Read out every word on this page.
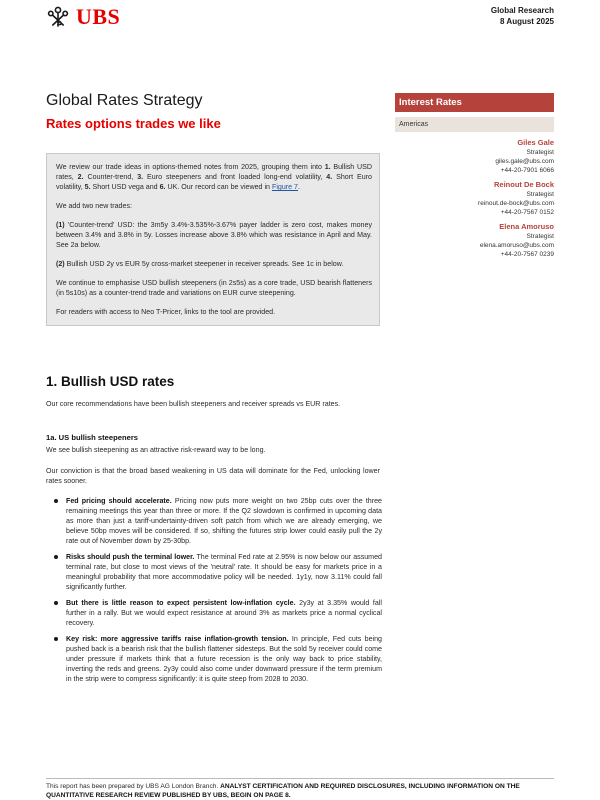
UBS	Global Research
8 August 2025
Global Rates Strategy
Rates options trades we like
Interest Rates
Americas
Giles Gale
Strategist
giles.gale@ubs.com
+44-20-7901 6066
Reinout De Bock
Strategist
reinout.de-bock@ubs.com
+44-20-7567 0152
Elena Amoruso
Strategist
elena.amoruso@ubs.com
+44-20-7567 0239

We review our trade ideas in options-themed notes from 2025, grouping them into 1. Bullish USD rates, 2. Counter-trend, 3. Euro steepeners and front loaded long-end volatility, 4. Short Euro volatility, 5. Short USD vega and 6. UK. Our record can be viewed in Figure 7.

We add two new trades:

(1) 'Counter-trend' USD: the 3m5y 3.4%-3.535%-3.67% payer ladder is zero cost, makes money between 3.4% and 3.8% in 5y. Losses increase above 3.8% which was resistance in April and May. See 2a below.

(2) Bullish USD 2y vs EUR 5y cross-market steepener in receiver spreads. See 1c in below.

We continue to emphasise USD bullish steepeners (in 2s5s) as a core trade, USD bearish flatteners (in 5s10s) as a counter-trend trade and variations on EUR curve steepening.

For readers with access to Neo T-Pricer, links to the tool are provided.

1. Bullish USD rates

Our core recommendations have been bullish steepeners and receiver spreads vs EUR rates.

1a. US bullish steepeners

We see bullish steepening as an attractive risk-reward way to be long.

Our conviction is that the broad based weakening in US data will dominate for the Fed, unlocking lower rates sooner.

Fed pricing should accelerate. Pricing now puts more weight on two 25bp cuts over the three remaining meetings this year than three or more. If the Q2 slowdown is confirmed in upcoming data as more than just a tariff-undertainty-driven soft patch from which we are already emerging, we believe 50bp moves will be considered. If so, shifting the futures strip lower could easily pull the 2y rate out of November down by 25-30bp.
Risks should push the terminal lower. The terminal Fed rate at 2.95% is now below our assumed terminal rate, but close to most views of the 'neutral' rate. It should be easy for markets price in a meaningful probability that more accommodative policy will be needed. 1y1y, now 3.11% could fall significantly further.
But there is little reason to expect persistent low-inflation cycle. 2y3y at 3.35% would fall further in a rally. But we would expect resistance at around 3% as markets price a normal cyclical recovery.
Key risk: more aggressive tariffs raise inflation-growth tension. In principle, Fed cuts being pushed back is a bearish risk that the bullish flattener sidesteps. But the sold 5y receiver could come under pressure if markets think that a future recession is the only way back to price stability, inverting the reds and greens. 2y3y could also come under downward pressure if the term premium in the strip were to compress significantly: it is quite steep from 2028 to 2030.
This report has been prepared by UBS AG London Branch. ANALYST CERTIFICATION AND REQUIRED DISCLOSURES, INCLUDING INFORMATION ON THE QUANTITATIVE RESEARCH REVIEW PUBLISHED BY UBS, BEGIN ON PAGE 8.
